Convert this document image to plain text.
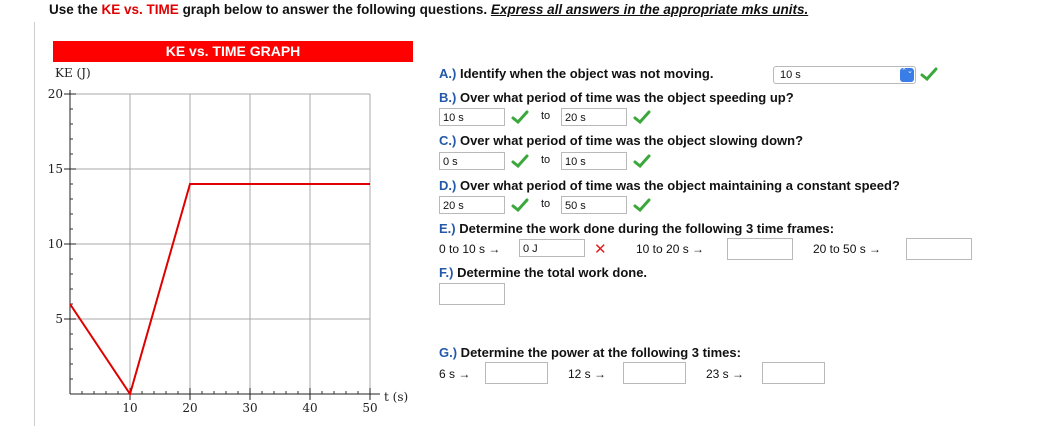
Use the KE vs. TIME graph below to answer the following questions. Express all answers in the appropriate mks units.
KE vs. TIME GRAPH
10	20	30	40	50
5
10
15
20
KE (J)
t (s)
A.) Identify when the object was not moving.	10 s	⌃⌄
B.) Over what period of time was the object speeding up?
10 s	to	20 s
C.) Over what period of time was the object slowing down?
0 s	to	10 s
D.) Over what period of time was the object maintaining a constant speed?
20 s	to	50 s
E.) Determine the work done during the following 3 time frames:
0 to 10 s →	0 J	✕ 10 to 20 s →	20 to 50 s →
F.) Determine the total work done.
G.) Determine the power at the following 3 times:
6 s →	12 s →	23 s →
